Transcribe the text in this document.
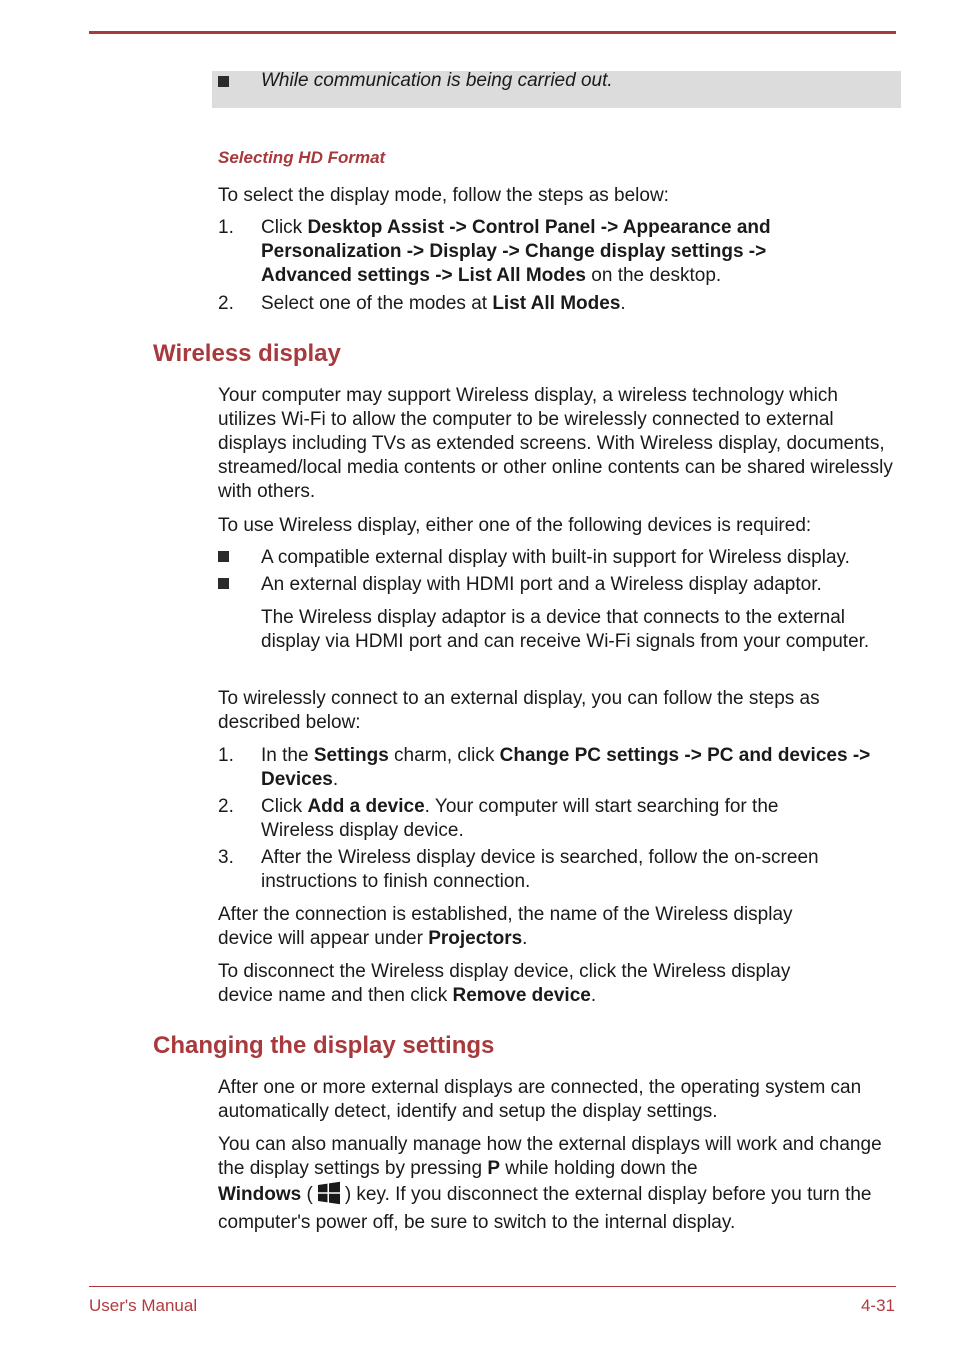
While communication is being carried out.
Selecting HD Format
To select the display mode, follow the steps as below:
1. Click Desktop Assist -> Control Panel -> Appearance and Personalization -> Display -> Change display settings -> Advanced settings -> List All Modes on the desktop.
2. Select one of the modes at List All Modes.
Wireless display
Your computer may support Wireless display, a wireless technology which utilizes Wi-Fi to allow the computer to be wirelessly connected to external displays including TVs as extended screens. With Wireless display, documents, streamed/local media contents or other online contents can be shared wirelessly with others.
To use Wireless display, either one of the following devices is required:
A compatible external display with built-in support for Wireless display.
An external display with HDMI port and a Wireless display adaptor.
The Wireless display adaptor is a device that connects to the external display via HDMI port and can receive Wi-Fi signals from your computer.
To wirelessly connect to an external display, you can follow the steps as described below:
1. In the Settings charm, click Change PC settings -> PC and devices -> Devices.
2. Click Add a device. Your computer will start searching for the Wireless display device.
3. After the Wireless display device is searched, follow the on-screen instructions to finish connection.
After the connection is established, the name of the Wireless display device will appear under Projectors.
To disconnect the Wireless display device, click the Wireless display device name and then click Remove device.
Changing the display settings
After one or more external displays are connected, the operating system can automatically detect, identify and setup the display settings.
You can also manually manage how the external displays will work and change the display settings by pressing P while holding down the
Windows ( ) key. If you disconnect the external display before you turn the computer's power off, be sure to switch to the internal display.
User's Manual	4-31
